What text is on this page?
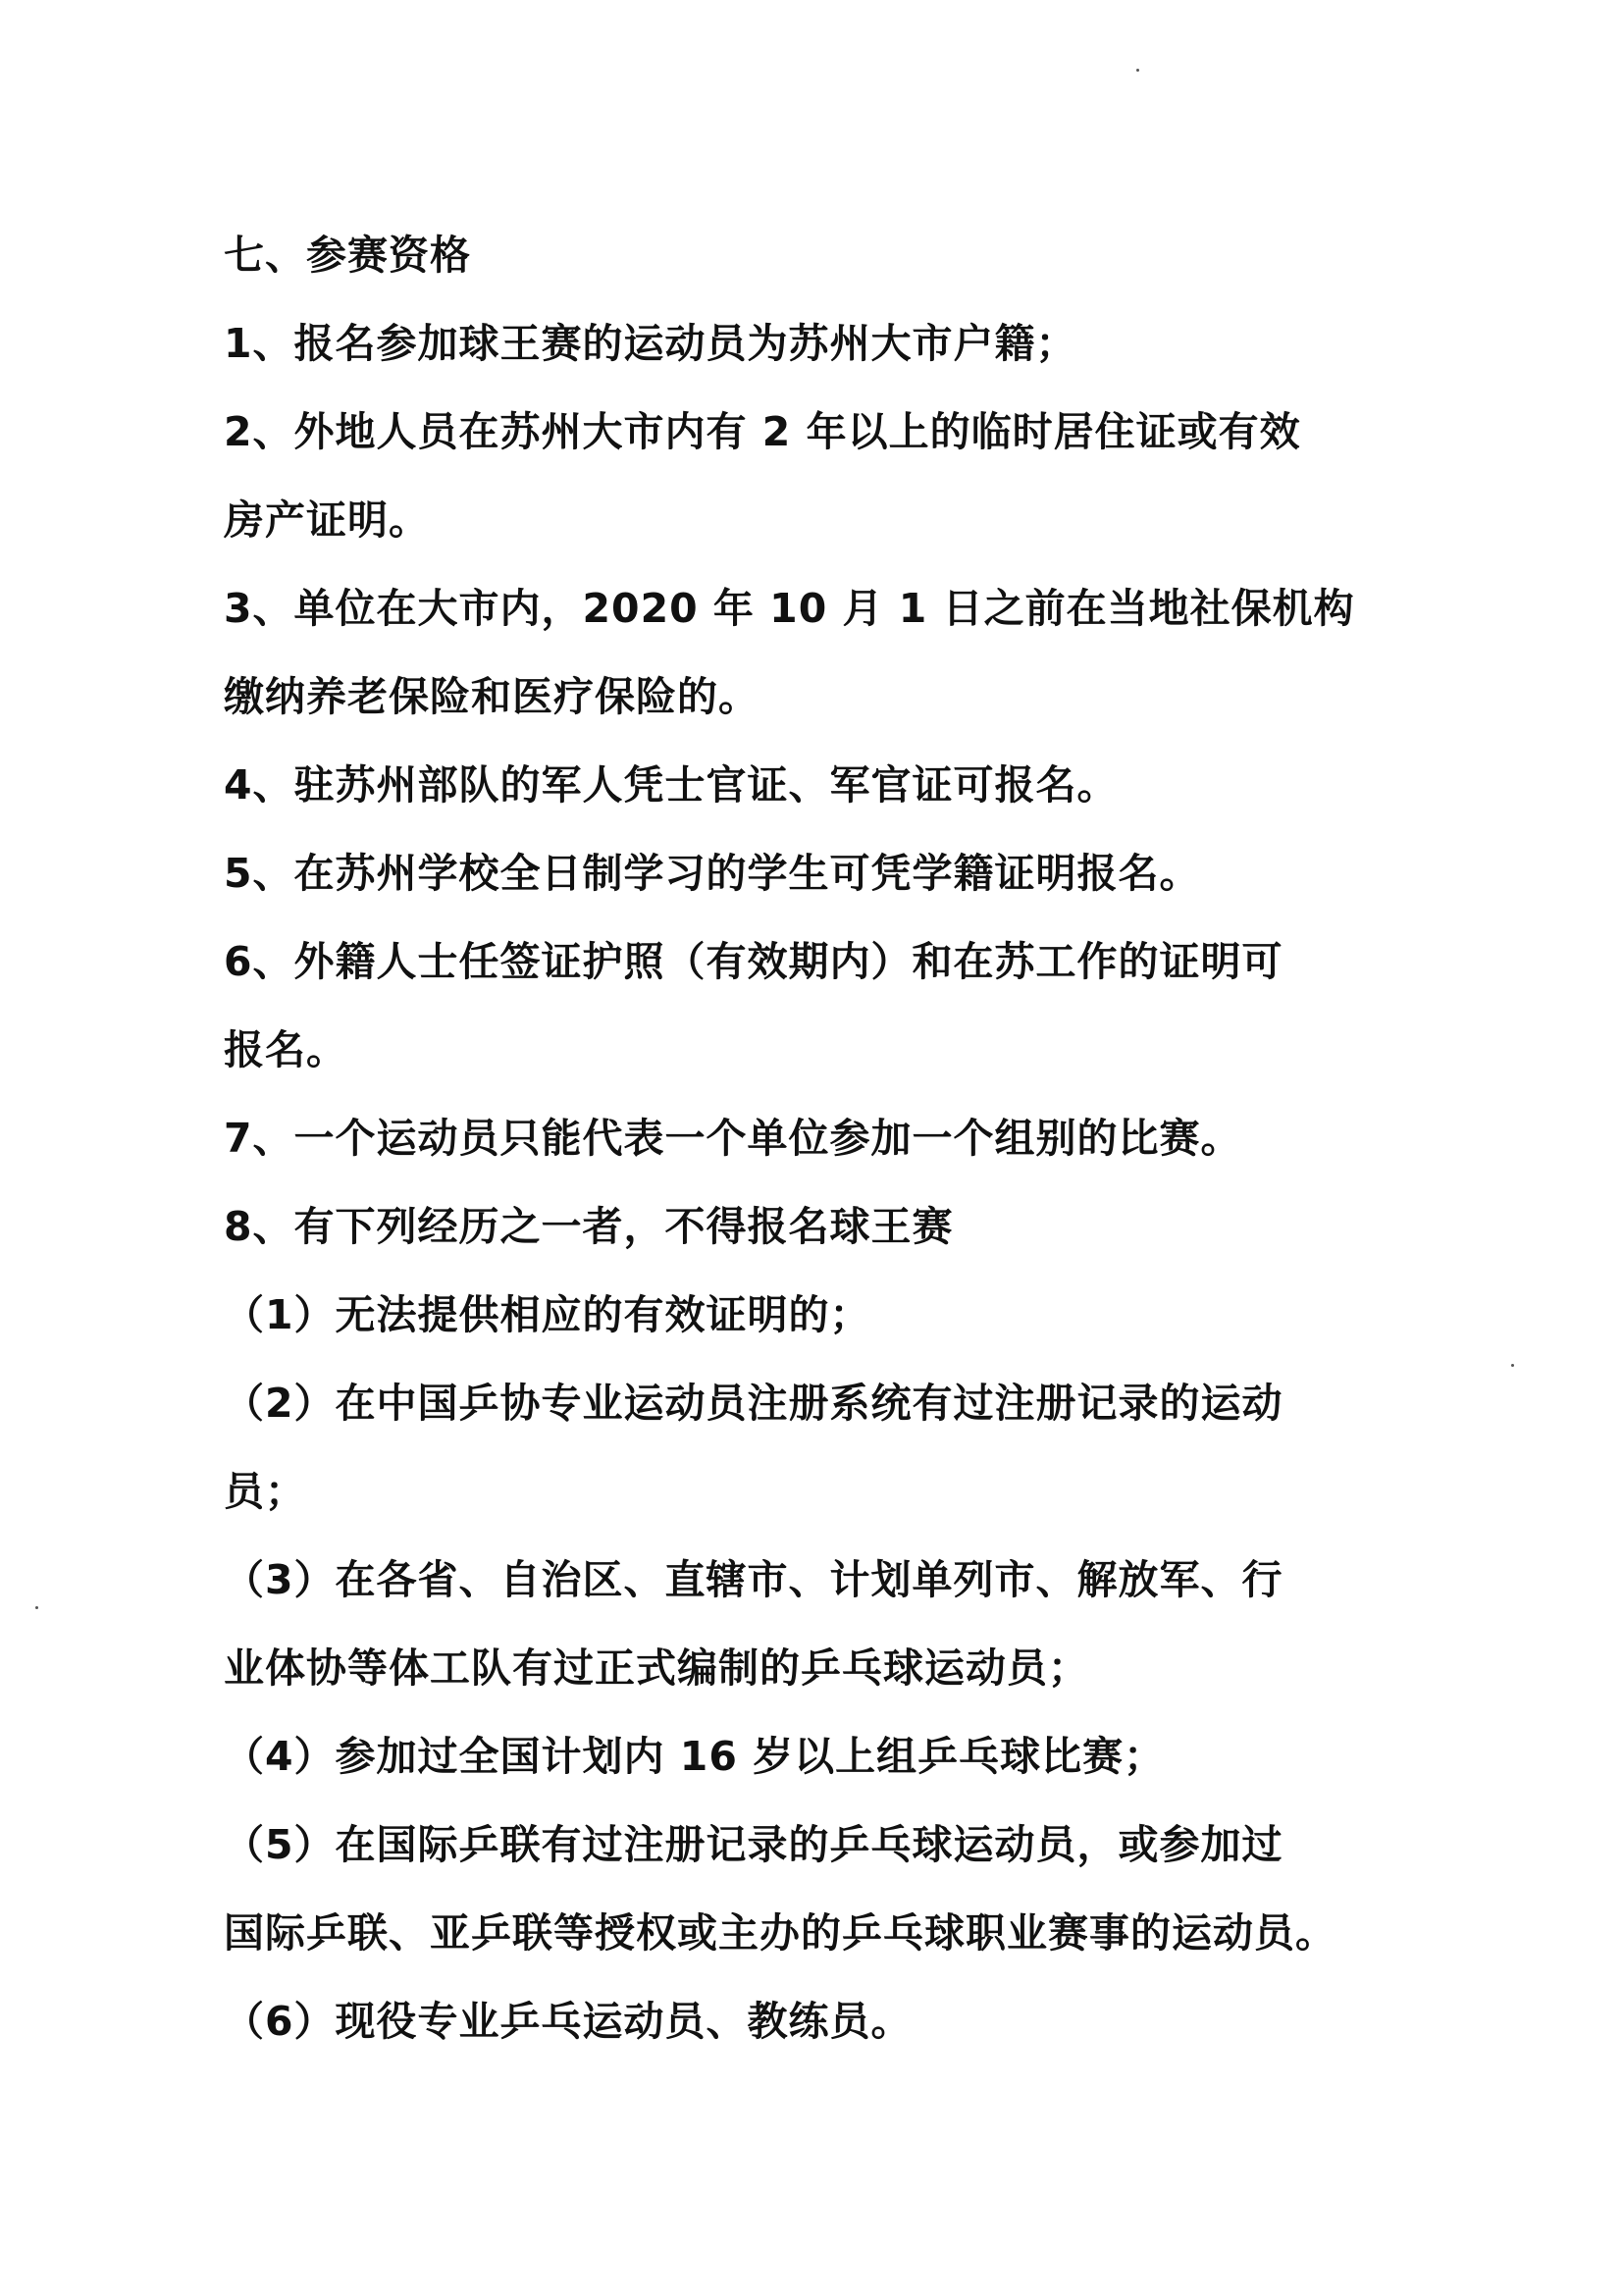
七、参赛资格
1、报名参加球王赛的运动员为苏州大市户籍；
2、外地人员在苏州大市内有 2 年以上的临时居住证或有效
房产证明。
3、单位在大市内，2020 年 10 月 1 日之前在当地社保机构
缴纳养老保险和医疗保险的。
4、驻苏州部队的军人凭士官证、军官证可报名。
5、在苏州学校全日制学习的学生可凭学籍证明报名。
6、外籍人士任签证护照（有效期内）和在苏工作的证明可
报名。
7、一个运动员只能代表一个单位参加一个组别的比赛。
8、有下列经历之一者，不得报名球王赛
（1）无法提供相应的有效证明的；
（2）在中国乒协专业运动员注册系统有过注册记录的运动
员；
（3）在各省、自治区、直辖市、计划单列市、解放军、行
业体协等体工队有过正式编制的乒乓球运动员；
（4）参加过全国计划内 16 岁以上组乒乓球比赛；
（5）在国际乒联有过注册记录的乒乓球运动员，或参加过
国际乒联、亚乒联等授权或主办的乒乓球职业赛事的运动员。
（6）现役专业乒乓运动员、教练员。
